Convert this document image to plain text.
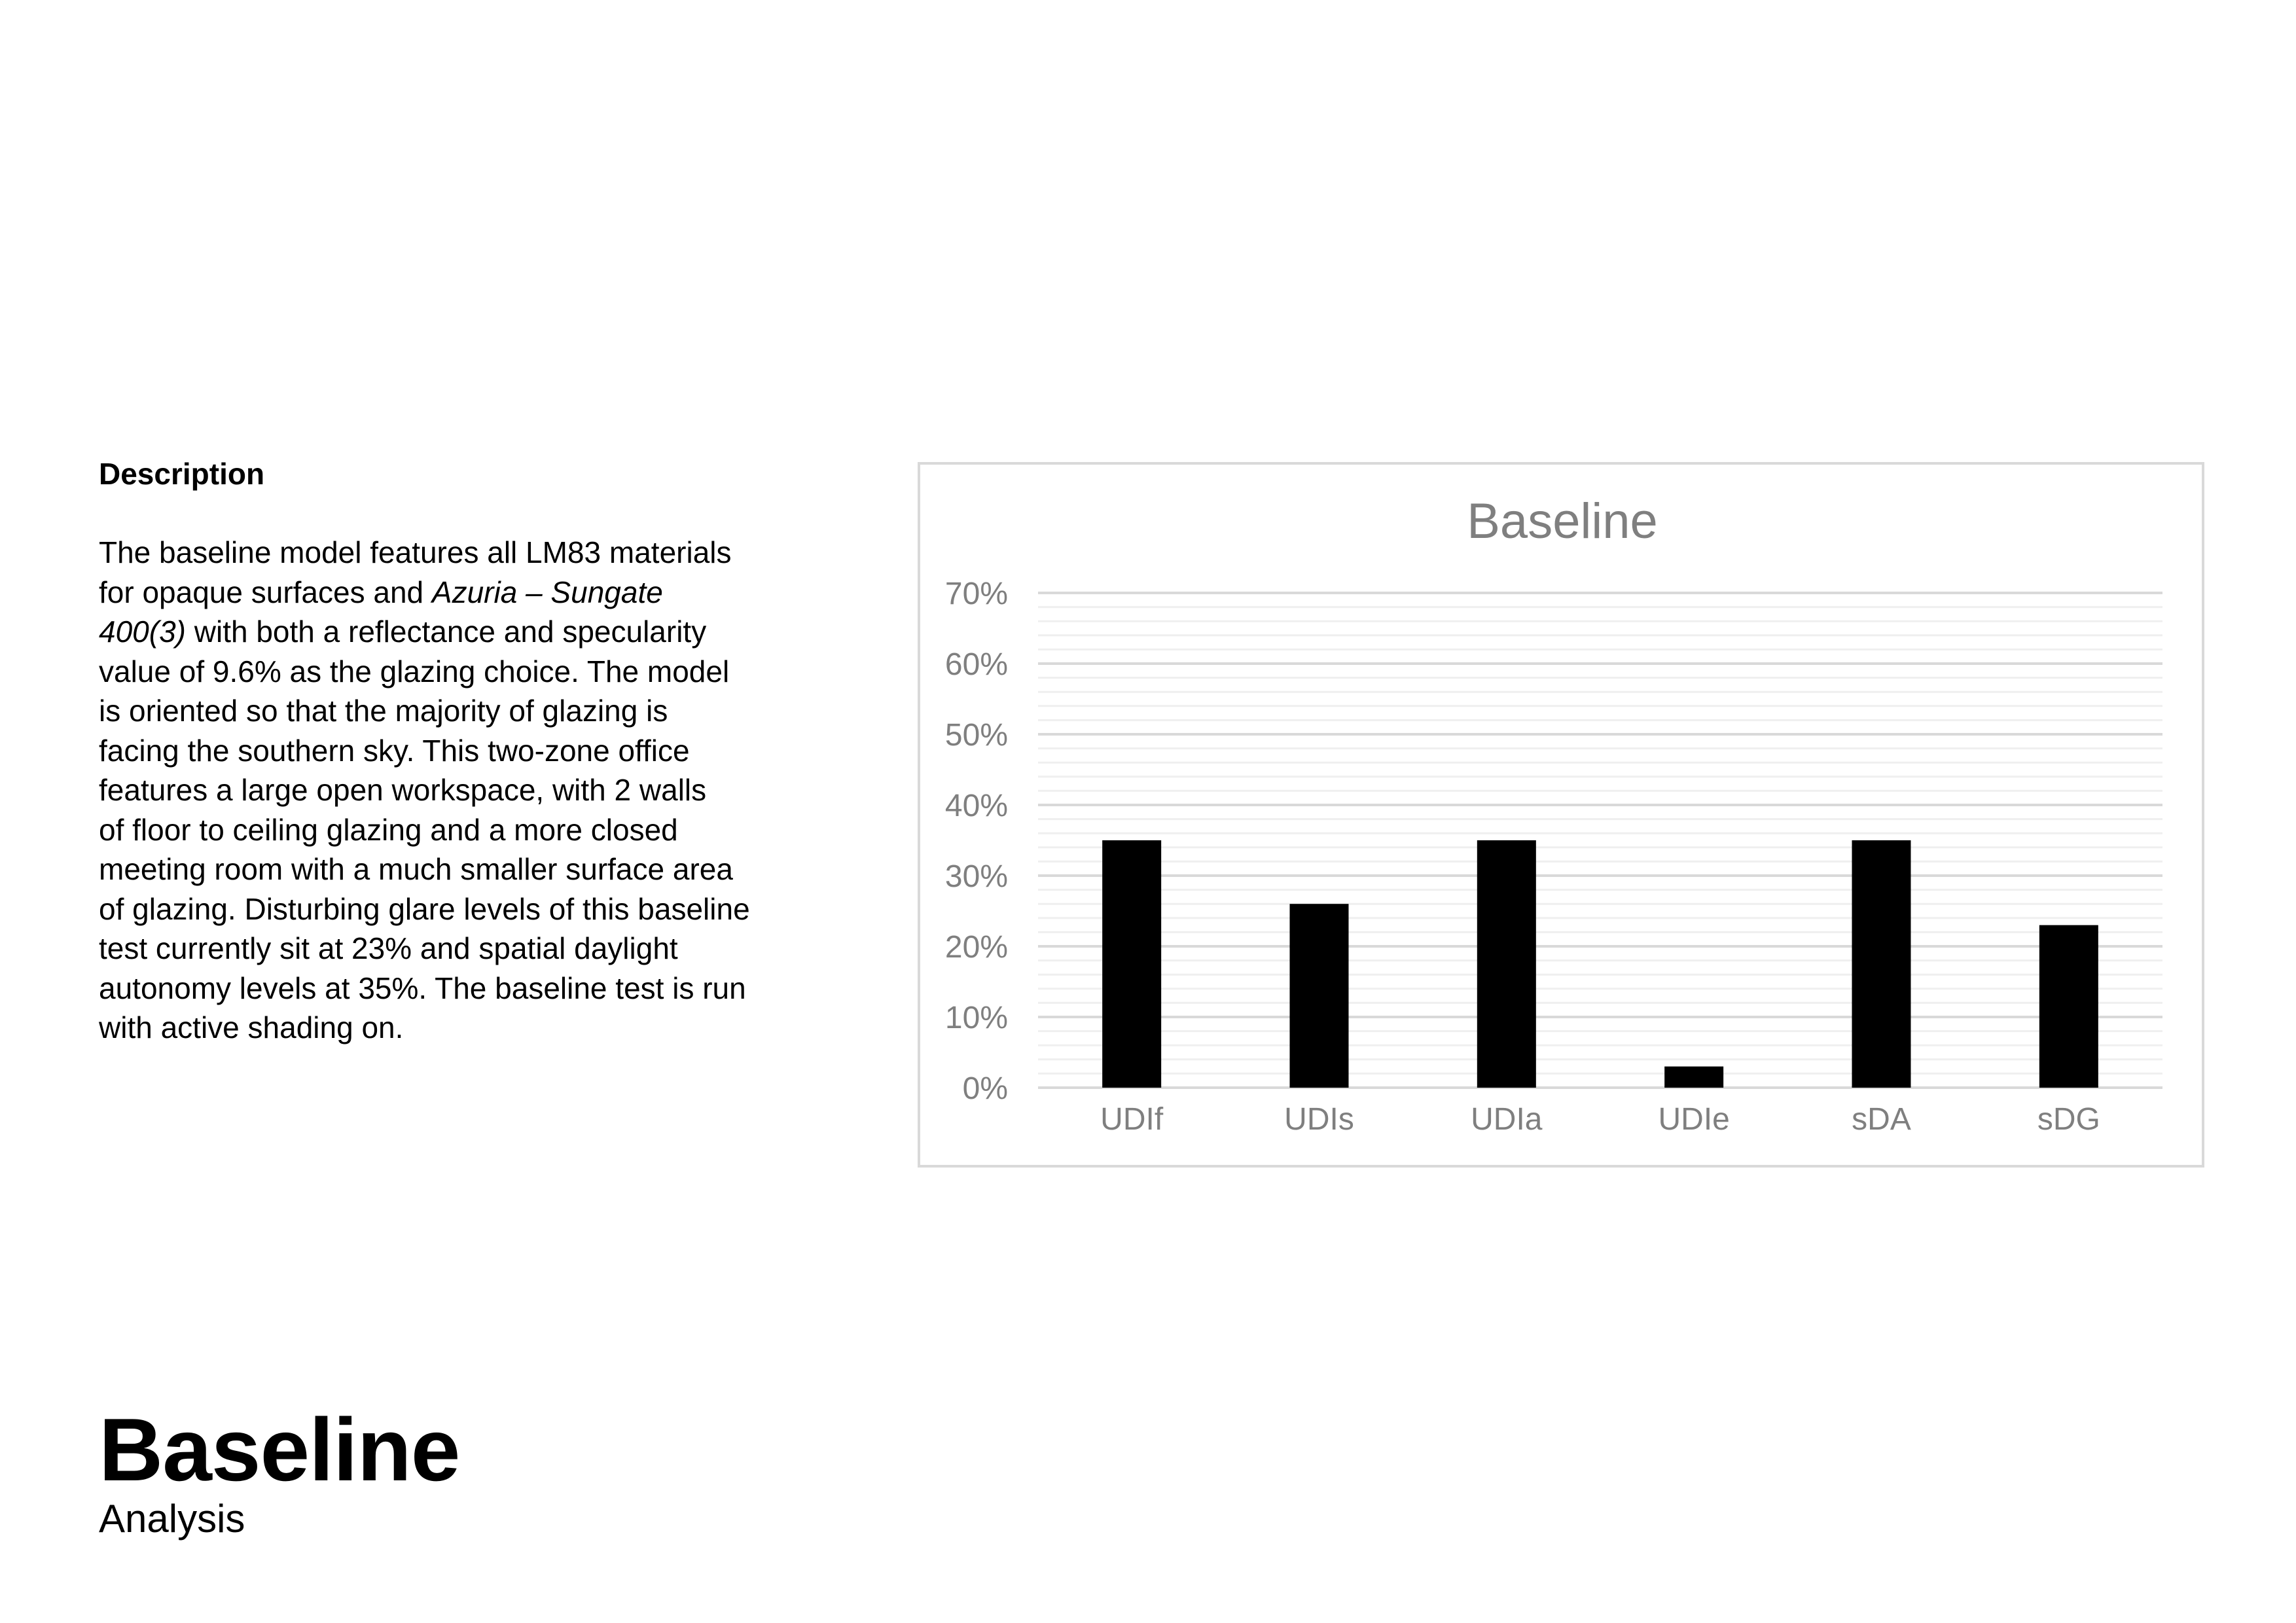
Description

The baseline model features all LM83 materials
for opaque surfaces and Azuria – Sungate
400(3) with both a reflectance and specularity
value of 9.6% as the glazing choice. The model
is oriented so that the majority of glazing is
facing the southern sky. This two-zone office
features a large open workspace, with 2 walls
of floor to ceiling glazing and a more closed
meeting room with a much smaller surface area
of glazing. Disturbing glare levels of this baseline
test currently sit at 23% and spatial daylight
autonomy levels at 35%. The baseline test is run
with active shading on.

Baseline
0%
10%
20%
30%
40%
50%
60%
70%
UDIf	UDIs	UDIa	UDIe	sDA	sDG
Baseline
Analysis
